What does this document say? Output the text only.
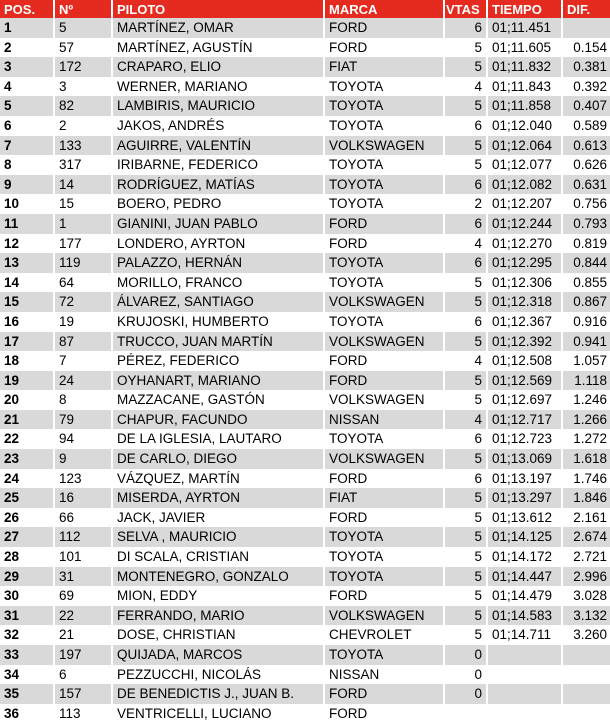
POS.	Nº	PILOTO	MARCA	VTAS	TIEMPO	DIF.
1	5	MARTÍNEZ, OMAR	FORD	6	01;11.451	
2	57	MARTÍNEZ, AGUSTÍN	FORD	5	01;11.605	0.154
3	172	CRAPARO, ELIO	FIAT	5	01;11.832	0.381
4	3	WERNER, MARIANO	TOYOTA	4	01;11.843	0.392
5	82	LAMBIRIS, MAURICIO	TOYOTA	5	01;11.858	0.407
6	2	JAKOS, ANDRÉS	TOYOTA	6	01;12.040	0.589
7	133	AGUIRRE, VALENTÍN	VOLKSWAGEN	5	01;12.064	0.613
8	317	IRIBARNE, FEDERICO	TOYOTA	5	01;12.077	0.626
9	14	RODRÍGUEZ, MATÍAS	TOYOTA	6	01;12.082	0.631
10	15	BOERO, PEDRO	TOYOTA	2	01;12.207	0.756
11	1	GIANINI, JUAN PABLO	FORD	6	01;12.244	0.793
12	177	LONDERO, AYRTON	FORD	4	01;12.270	0.819
13	119	PALAZZO, HERNÁN	TOYOTA	6	01;12.295	0.844
14	64	MORILLO, FRANCO	TOYOTA	5	01;12.306	0.855
15	72	ÁLVAREZ, SANTIAGO	VOLKSWAGEN	5	01;12.318	0.867
16	19	KRUJOSKI, HUMBERTO	TOYOTA	6	01;12.367	0.916
17	87	TRUCCO, JUAN MARTÍN	VOLKSWAGEN	5	01;12.392	0.941
18	7	PÉREZ, FEDERICO	FORD	4	01;12.508	1.057
19	24	OYHANART, MARIANO	FORD	5	01;12.569	1.118
20	8	MAZZACANE, GASTÓN	VOLKSWAGEN	5	01;12.697	1.246
21	79	CHAPUR, FACUNDO	NISSAN	4	01;12.717	1.266
22	94	DE LA IGLESIA, LAUTARO	TOYOTA	6	01;12.723	1.272
23	9	DE CARLO, DIEGO	VOLKSWAGEN	5	01;13.069	1.618
24	123	VÁZQUEZ, MARTÍN	FORD	6	01;13.197	1.746
25	16	MISERDA, AYRTON	FIAT	5	01;13.297	1.846
26	66	JACK, JAVIER	FORD	5	01;13.612	2.161
27	112	SELVA , MAURICIO	TOYOTA	5	01;14.125	2.674
28	101	DI SCALA, CRISTIAN	TOYOTA	5	01;14.172	2.721
29	31	MONTENEGRO, GONZALO	TOYOTA	5	01;14.447	2.996
30	69	MION, EDDY	FORD	5	01;14.479	3.028
31	22	FERRANDO, MARIO	VOLKSWAGEN	5	01;14.583	3.132
32	21	DOSE, CHRISTIAN	CHEVROLET	5	01;14.711	3.260
33	197	QUIJADA, MARCOS	TOYOTA	0		
34	6	PEZZUCCHI, NICOLÁS	NISSAN	0		
35	157	DE BENEDICTIS J., JUAN B.	FORD	0		
36	113	VENTRICELLI, LUCIANO	FORD			
